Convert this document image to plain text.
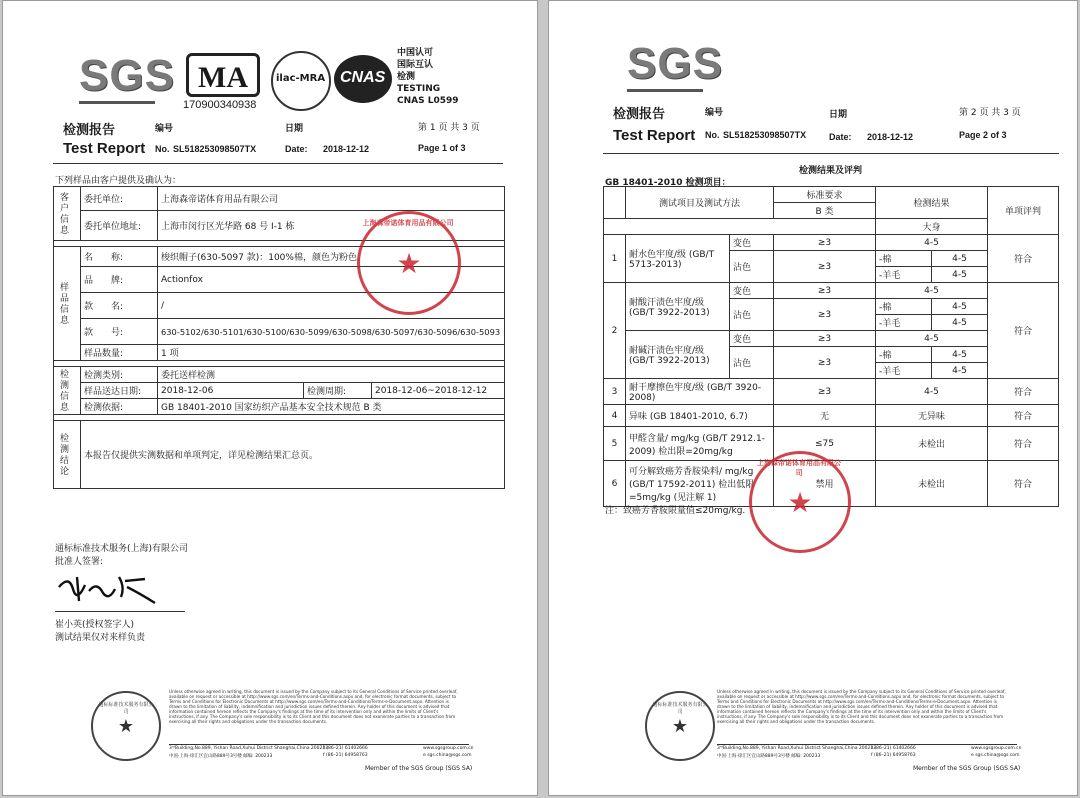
SGS MA
170900340938
ilac-MRA CNAS
中国认可
国际互认
检测
TESTING
CNAS L0599
检测报告	编号	日期	第 1 页 共 3 页
Test Report No. SL518253098507TX	Date: 2018-12-12	Page 1 of 3
下列样品由客户提供及确认为：
客户信息	委托单位:	上海森帝诺体育用品有限公司		
	委托单位地址:	上海市闵行区光华路 68 号 I-1 栋		

样品信息	名　　称:	梭织帽子(630-5097 款)：100%棉，颜色为粉色。		
	品　　牌:	Actionfox		
	款　　名:	/		
	款　　号:	630-5102/630-5101/630-5100/630-5099/630-5098/630-5097/630-5096/630-5093		
	样品数量:	1 项		

检测信息	检测类别:	委托送样检测		
	样品送达日期:	2018-12-06	检测周期:	2018-12-06~2018-12-12
	检测依据:	GB 18401-2010 国家纺织产品基本安全技术规范 B 类		

检测结论	本报告仅提供实测数据和单项判定，详见检测结果汇总页。			
★
上海森帝诺体育用品有限公司
通标标准技术服务(上海)有限公司
批准人签署:
崔小英(授权签字人)
测试结果仅对来样负责
★
通标标准技术服务有限公司
Unless otherwise agreed in writing, this document is issued by the Company subject to its General Conditions of Service printed overleaf, available on request or accessible at http://www.sgs.com/en/Terms-and-Conditions.aspx and, for electronic format documents, subject to Terms and Conditions for Electronic Documents at http://www.sgs.com/en/Terms-and-Conditions/Terms-e-Document.aspx. Attention is drawn to the limitation of liability, indemnification and jurisdiction issues defined therein. Any holder of this document is advised that information contained hereon reflects the Company's findings at the time of its intervention only and within the limits of Client's instructions, if any. The Company's sole responsibility is to its Client and this document does not exonerate parties to a transaction from exercising all their rights and obligations under the transaction documents.
3ʳᵈBuilding,No.889, Yishan Road,Xuhui District Shanghai,China 200233
中国·上海·徐汇区宜山路889号3号楼 邮编: 200233
t (86–21) 61402666
f (86–21) 64958763
www.sgsgroup.com.cn
e sgs.china@sgs.com
Member of the SGS Group (SGS SA)
SGS
检测报告	编号	日期	第 2 页 共 3 页
Test Report No. SL518253098507TX	Date: 2018-12-12	Page 2 of 3
检测结果及评判
GB 18401-2010 检测项目：
	测试项目及测试方法		标准要求	检测结果		单项评判
			B 类			
				大身		
1	耐水色牢度/级 (GB/T 5713-2013)	变色	≥3	4-5		符合
		沾色	≥3	-棉	4-5	
				-羊毛	4-5	
2	耐酸汗渍色牢度/级 (GB/T 3922-2013)	变色	≥3	4-5		符合
		沾色	≥3	-棉	4-5	
				-羊毛	4-5	
	耐碱汗渍色牢度/级 (GB/T 3922-2013)	变色	≥3	4-5		
		沾色	≥3	-棉	4-5	
				-羊毛	4-5	
3	耐干摩擦色牢度/级 (GB/T 3920-2008)		≥3	4-5		符合
4	异味 (GB 18401-2010, 6.7)		无	无异味		符合
5	甲醛含量/ mg/kg (GB/T 2912.1-2009) 检出限=20mg/kg		≤75	未检出		符合
6	可分解致癌芳香胺染料/ mg/kg (GB/T 17592-2011) 检出低限=5mg/kg (见注解 1)		禁用	未检出		符合
注：致癌芳香胺限量值≤20mg/kg. ★
上海森帝诺体育用品有限公司
★
通标标准技术服务有限公司
Unless otherwise agreed in writing, this document is issued by the Company subject to its General Conditions of Service printed overleaf, available on request or accessible at http://www.sgs.com/en/Terms-and-Conditions.aspx and, for electronic format documents, subject to Terms and Conditions for Electronic Documents at http://www.sgs.com/en/Terms-and-Conditions/Terms-e-Document.aspx. Attention is drawn to the limitation of liability, indemnification and jurisdiction issues defined therein. Any holder of this document is advised that information contained hereon reflects the Company's findings at the time of its intervention only and within the limits of Client's instructions, if any. The Company's sole responsibility is to its Client and this document does not exonerate parties to a transaction from exercising all their rights and obligations under the transaction documents.
3ʳᵈBuilding,No.889, Yishan Road,Xuhui District Shanghai,China 200233
中国·上海·徐汇区宜山路889号3号楼 邮编: 200233
t (86–21) 61402666
f (86–21) 64958763
www.sgsgroup.com.cn
e sgs.china@sgs.com
Member of the SGS Group (SGS SA)
